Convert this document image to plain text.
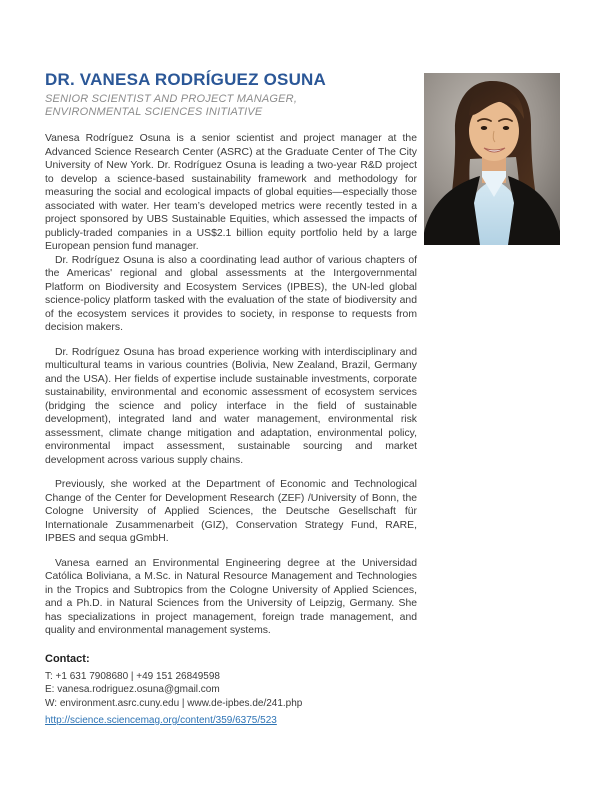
DR. VANESA RODRÍGUEZ OSUNA
SENIOR SCIENTIST AND PROJECT MANAGER,
ENVIRONMENTAL SCIENCES INITIATIVE

Vanesa Rodríguez Osuna is a senior scientist and project manager at the Advanced Science Research Center (ASRC) at the Graduate Center of The City University of New York. Dr. Rodríguez Osuna is leading a two-year R&D project to develop a science-based sustainability framework and methodology for measuring the social and ecological impacts of global equities—especially those associated with water. Her team’s developed metrics were recently tested in a project sponsored by UBS Sustainable Equities, which assessed the impacts of publicly-traded companies in a US$2.1 billion equity portfolio held by a large European pension fund manager.

Dr. Rodríguez Osuna is also a coordinating lead author of various chapters of the Americas' regional and global assessments at the Intergovernmental Platform on Biodiversity and Ecosystem Services (IPBES), the UN-led global science-policy platform tasked with the evaluation of the state of biodiversity and of the ecosystem services it provides to society, in response to requests from decision makers.

Dr. Rodríguez Osuna has broad experience working with interdisciplinary and multicultural teams in various countries (Bolivia, New Zealand, Brazil, Germany and the USA). Her fields of expertise include sustainable investments, corporate sustainability, environmental and economic assessment of ecosystem services (bridging the science and policy interface in the field of sustainable development), integrated land and water management, environmental risk assessment, climate change mitigation and adaptation, environmental policy, environmental impact assessment, sustainable sourcing and market development across various supply chains.

Previously, she worked at the Department of Economic and Technological Change of the Center for Development Research (ZEF) /University of Bonn, the Cologne University of Applied Sciences, the Deutsche Gesellschaft für Internationale Zusammenarbeit (GIZ), Conservation Strategy Fund, RARE, IPBES and sequa gGmbH.

Vanesa earned an Environmental Engineering degree at the Universidad Católica Boliviana, a M.Sc. in Natural Resource Management and Technologies in the Tropics and Subtropics from the Cologne University of Applied Sciences, and a Ph.D. in Natural Sciences from the University of Leipzig, Germany. She has specializations in project management, foreign trade management, and quality and environmental management systems.

Contact:
T: +1 631 7908680 | +49 151 26849598
E: vanesa.rodriguez.osuna@gmail.com
W: environment.asrc.cuny.edu | www.de-ipbes.de/241.php
http://science.sciencemag.org/content/359/6375/523
